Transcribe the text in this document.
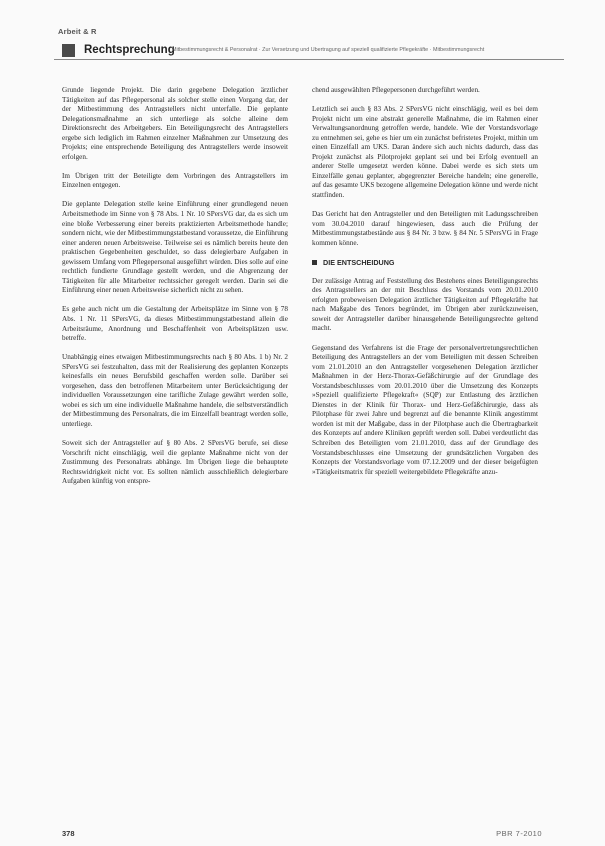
Arbeit & R
Rechtsprechung
Mitbestimmungsrecht & Personalrat · Zur Versetzung und Übertragung auf speziell qualifizierte Pflegekräfte · Mitbestimmungsrecht

Grunde liegende Projekt. Die darin gegebene Delegation ärztlicher Tätigkeiten auf das Pflegepersonal als solcher stelle einen Vorgang dar, der der Mitbestimmung des Antragstellers nicht unterfalle. Die geplante Delegationsmaßnahme an sich unterliege als solche alleine dem Direktionsrecht des Arbeitgebers. Ein Beteiligungsrecht des Antragstellers ergebe sich lediglich im Rahmen einzelner Maßnahmen zur Umsetzung des Projekts; eine entsprechende Beteiligung des Antragstellers werde insoweit erfolgen.

Im Übrigen tritt der Beteiligte dem Vorbringen des Antragstellers im Einzelnen entgegen.

Die geplante Delegation stelle keine Einführung einer grundlegend neuen Arbeitsmethode im Sinne von § 78 Abs. 1 Nr. 10 SPersVG dar, da es sich um eine bloße Verbesserung einer bereits praktizierten Arbeitsmethode handle; sondern nicht, wie der Mitbestimmungstatbestand voraussetze, die Einführung einer anderen neuen Arbeitsweise. Teilweise sei es nämlich bereits heute den praktischen Gegebenheiten geschuldet, so dass delegierbare Aufgaben in gewissem Umfang vom Pflegepersonal ausgeführt würden. Dies solle auf eine rechtlich fundierte Grundlage gestellt werden, und die Abgrenzung der Tätigkeiten für alle Mitarbeiter rechtssicher geregelt werden. Darin sei die Einführung einer neuen Arbeitsweise sicherlich nicht zu sehen.

Es gehe auch nicht um die Gestaltung der Arbeitsplätze im Sinne von § 78 Abs. 1 Nr. 11 SPersVG, da dieses Mitbestimmungstatbestand allein die Arbeitsräume, Anordnung und Beschaffenheit von Arbeitsplätzen usw. betreffe.

Unabhängig eines etwaigen Mitbestimmungsrechts nach § 80 Abs. 1 b) Nr. 2 SPersVG sei festzuhalten, dass mit der Realisierung des geplanten Konzepts keinesfalls ein neues Berufsbild geschaffen werden solle. Darüber sei vorgesehen, dass den betroffenen Mitarbeitern unter Berücksichtigung der individuellen Voraussetzungen eine tarifliche Zulage gewährt werden solle, wobei es sich um eine individuelle Maßnahme handele, die selbstverständlich der Mitbestimmung des Personalrats, die im Einzelfall beantragt werden solle, unterliege.

Soweit sich der Antragsteller auf § 80 Abs. 2 SPersVG berufe, sei diese Vorschrift nicht einschlägig, weil die geplante Maßnahme nicht von der Zustimmung des Personalrats abhänge. Im Übrigen liege die behauptete Rechtswidrigkeit nicht vor. Es sollten nämlich ausschließlich delegierbare Aufgaben künftig von entspre-

chend ausgewählten Pflegepersonen durchgeführt werden.

Letztlich sei auch § 83 Abs. 2 SPersVG nicht einschlägig, weil es bei dem Projekt nicht um eine abstrakt generelle Maßnahme, die im Rahmen einer Verwaltungsanordnung getroffen werde, handele. Wie der Vorstandsvorlage zu entnehmen sei, gehe es hier um ein zunächst befristetes Projekt, mithin um einen Einzelfall am UKS. Daran ändere sich auch nichts dadurch, dass das Projekt zunächst als Pilotprojekt geplant sei und bei Erfolg eventuell an anderer Stelle umgesetzt werden könne. Dabei werde es sich stets um Einzelfälle genau geplanter, abgegrenzter Bereiche handeln; eine generelle, auf das gesamte UKS bezogene allgemeine Delegation könne und werde nicht stattfinden.

Das Gericht hat den Antragsteller und den Beteiligten mit Ladungsschreiben vom 30.04.2010 darauf hingewiesen, dass auch die Prüfung der Mitbestimmungstatbestände aus § 84 Nr. 3 bzw. § 84 Nr. 5 SPersVG in Frage kommen könne.

DIE ENTSCHEIDUNG

Der zulässige Antrag auf Feststellung des Bestehens eines Beteiligungsrechts des Antragstellers an der mit Beschluss des Vorstands vom 20.01.2010 erfolgten probeweisen Delegation ärztlicher Tätigkeiten auf Pflegekräfte hat nach Maßgabe des Tenors begründet, im Übrigen aber zurückzuweisen, soweit der Antragsteller darüber hinausgehende Beteiligungsrechte geltend macht.

Gegenstand des Verfahrens ist die Frage der personalvertretungsrechtlichen Beteiligung des Antragstellers an der vom Beteiligten mit dessen Schreiben vom 21.01.2010 an den Antragsteller vorgesehenen Delegation ärztlicher Maßnahmen in der Herz-Thorax-Gefäßchirurgie auf der Grundlage des Vorstandsbeschlusses vom 20.01.2010 über die Umsetzung des Konzepts »Speziell qualifizierte Pflegekraft« (SQP) zur Entlastung des ärztlichen Dienstes in der Klinik für Thorax- und Herz-Gefäßchirurgie, dass als Pilotphase für zwei Jahre und begrenzt auf die benannte Klinik angestimmt worden ist mit der Maßgabe, dass in der Pilotphase auch die Übertragbarkeit des Konzepts auf andere Kliniken geprüft werden soll. Dabei verdeutlicht das Schreiben des Beteiligten vom 21.01.2010, dass auf der Grundlage des Vorstandsbeschlusses eine Umsetzung der grundsätzlichen Vorgaben des Konzepts der Vorstandsvorlage vom 07.12.2009 und der dieser beigefügten »Tätigkeitsmatrix für speziell weitergebildete Pflegekräfte anzu-

378	PBR 7-2010
